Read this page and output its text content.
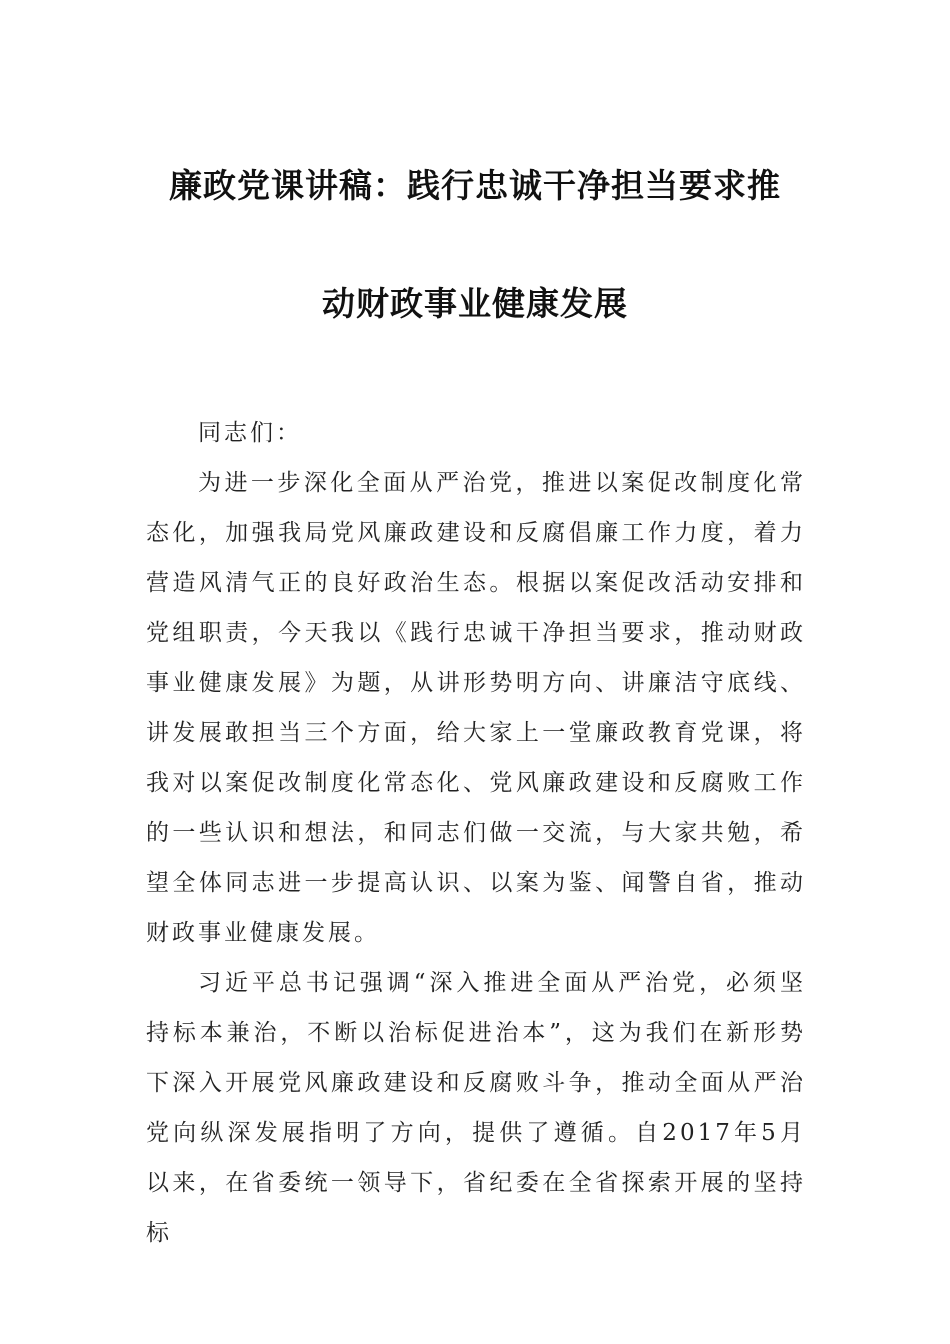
廉政党课讲稿：践行忠诚干净担当要求推
动财政事业健康发展

同志们：

为进一步深化全面从严治党，推进以案促改制度化常态化，加强我局党风廉政建设和反腐倡廉工作力度，着力营造风清气正的良好政治生态。根据以案促改活动安排和党组职责，今天我以《践行忠诚干净担当要求，推动财政事业健康发展》为题，从讲形势明方向、讲廉洁守底线、讲发展敢担当三个方面，给大家上一堂廉政教育党课，将我对以案促改制度化常态化、党风廉政建设和反腐败工作的一些认识和想法，和同志们做一交流，与大家共勉，希望全体同志进一步提高认识、以案为鉴、闻警自省，推动财政事业健康发展。

习近平总书记强调“深入推进全面从严治党，必须坚持标本兼治，不断以治标促进治本”，这为我们在新形势下深入开展党风廉政建设和反腐败斗争，推动全面从严治党向纵深发展指明了方向，提供了遵循。自2017年5月以来，在省委统一领导下，省纪委在全省探索开展的坚持标
